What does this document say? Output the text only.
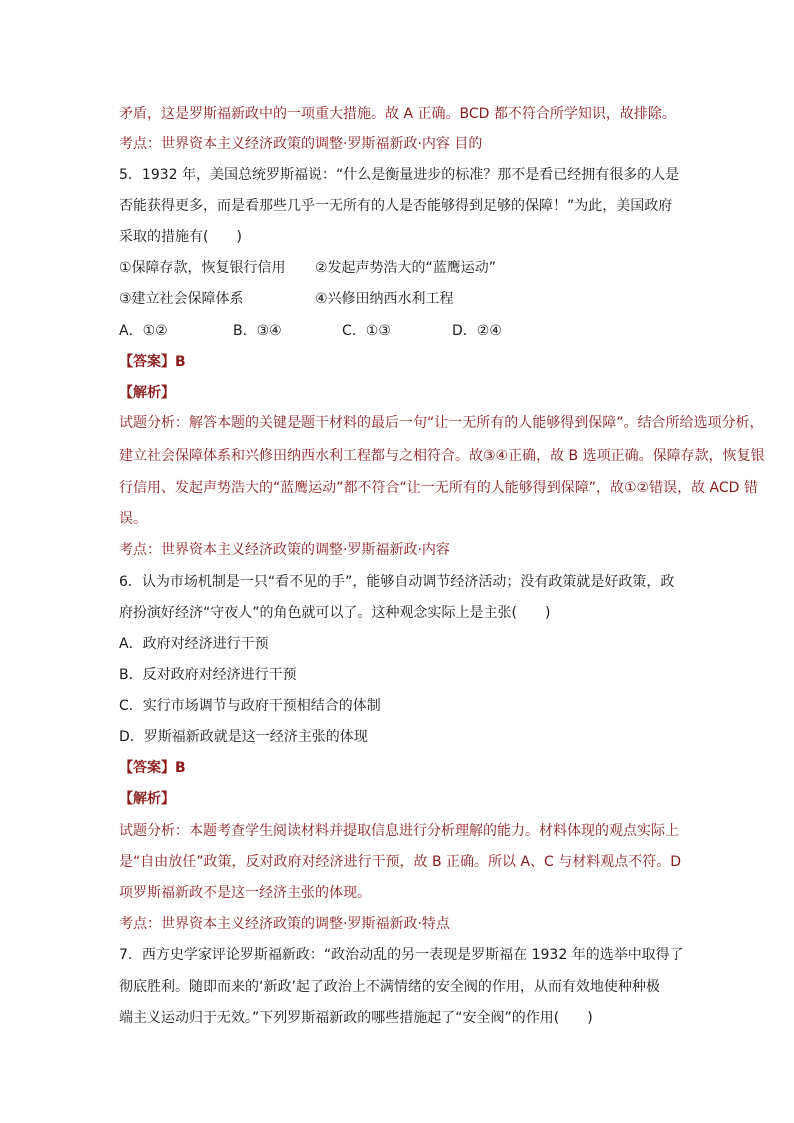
矛盾，这是罗斯福新政中的一项重大措施。故 A 正确。BCD 都不符合所学知识，故排除。
考点：世界资本主义经济政策的调整·罗斯福新政·内容 目的
5．1932 年，美国总统罗斯福说：“什么是衡量进步的标准？那不是看已经拥有很多的人是
否能获得更多，而是看那些几乎一无所有的人是否能够得到足够的保障！”为此，美国政府
采取的措施有(　　)
①保障存款，恢复银行信用 ②发起声势浩大的“蓝鹰运动”
③建立社会保障体系	④兴修田纳西水利工程
A．①②	B．③④	C．①③	D．②④
【答案】B
【解析】
试题分析：解答本题的关键是题干材料的最后一句“让一无所有的人能够得到保障”。结合所给选项分析，
建立社会保障体系和兴修田纳西水利工程都与之相符合。故③④正确，故 B 选项正确。保障存款，恢复银
行信用、发起声势浩大的“蓝鹰运动”都不符合“让一无所有的人能够得到保障”，故①②错误，故 ACD 错
误。
考点：世界资本主义经济政策的调整·罗斯福新政·内容
6．认为市场机制是一只“看不见的手”，能够自动调节经济活动；没有政策就是好政策，政
府扮演好经济“守夜人”的角色就可以了。这种观念实际上是主张(　　)
A．政府对经济进行干预
B．反对政府对经济进行干预
C．实行市场调节与政府干预相结合的体制
D．罗斯福新政就是这一经济主张的体现
【答案】B
【解析】
试题分析：本题考查学生阅读材料并提取信息进行分析理解的能力。材料体现的观点实际上
是“自由放任”政策，反对政府对经济进行干预，故 B 正确。所以 A、C 与材料观点不符。D
项罗斯福新政不是这一经济主张的体现。
考点：世界资本主义经济政策的调整·罗斯福新政·特点
7．西方史学家评论罗斯福新政：“政治动乱的另一表现是罗斯福在 1932 年的选举中取得了
彻底胜利。随即而来的‘新政’起了政治上不满情绪的安全阀的作用，从而有效地使种种极
端主义运动归于无效。”下列罗斯福新政的哪些措施起了“安全阀”的作用(　　)
